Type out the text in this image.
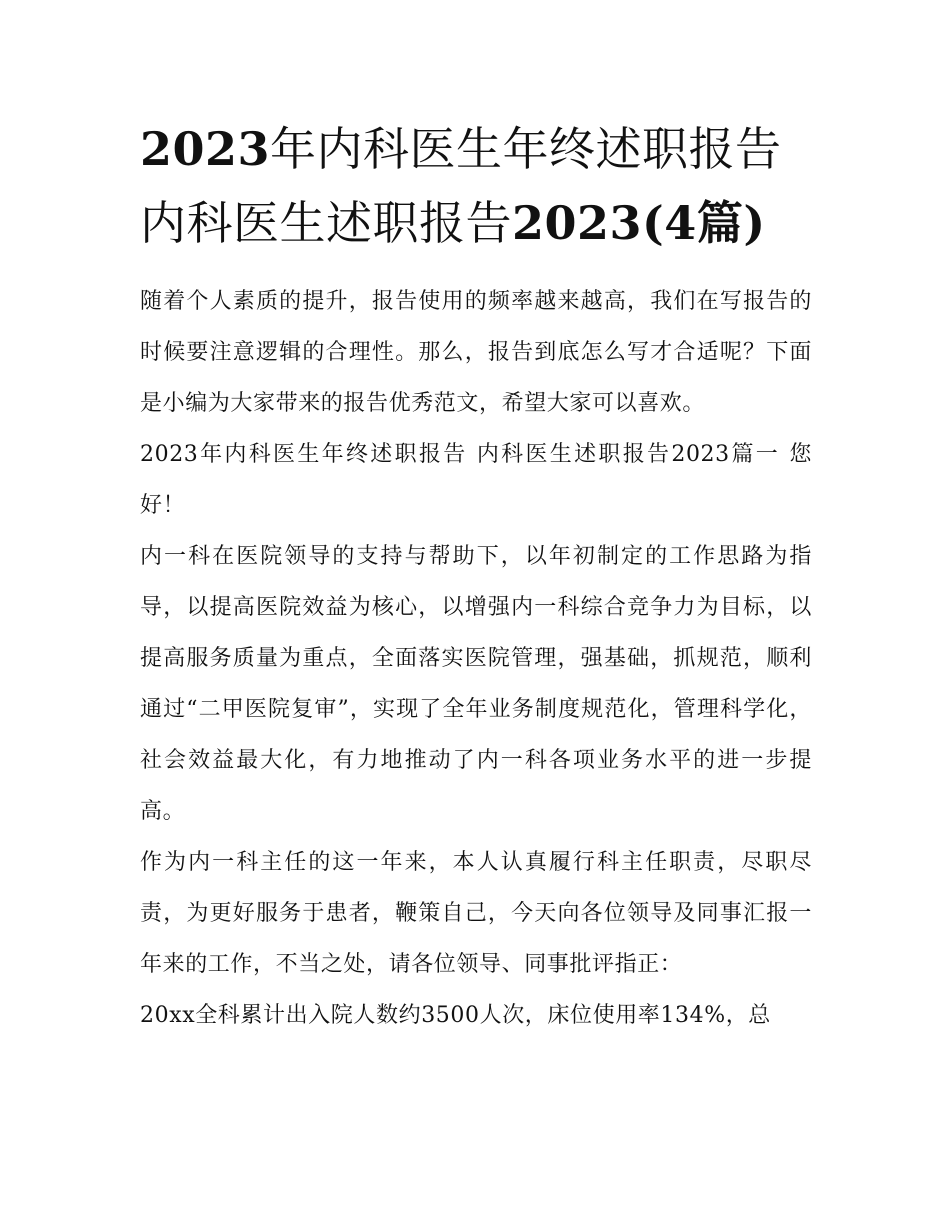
2023年内科医生年终述职报告
内科医生述职报告2023(4篇)

随着个人素质的提升，报告使用的频率越来越高，我们在写报告的时候要注意逻辑的合理性。那么，报告到底怎么写才合适呢？下面是小编为大家带来的报告优秀范文，希望大家可以喜欢。

2023年内科医生年终述职报告 内科医生述职报告2023篇一 您好！

内一科在医院领导的支持与帮助下，以年初制定的工作思路为指导，以提高医院效益为核心，以增强内一科综合竞争力为目标，以提高服务质量为重点，全面落实医院管理，强基础，抓规范，顺利通过“二甲医院复审”，实现了全年业务制度规范化，管理科学化，社会效益最大化，有力地推动了内一科各项业务水平的进一步提高。

作为内一科主任的这一年来，本人认真履行科主任职责，尽职尽责，为更好服务于患者，鞭策自己，今天向各位领导及同事汇报一年来的工作，不当之处，请各位领导、同事批评指正：

20xx全科累计出入院人数约3500人次，床位使用率134%，总
